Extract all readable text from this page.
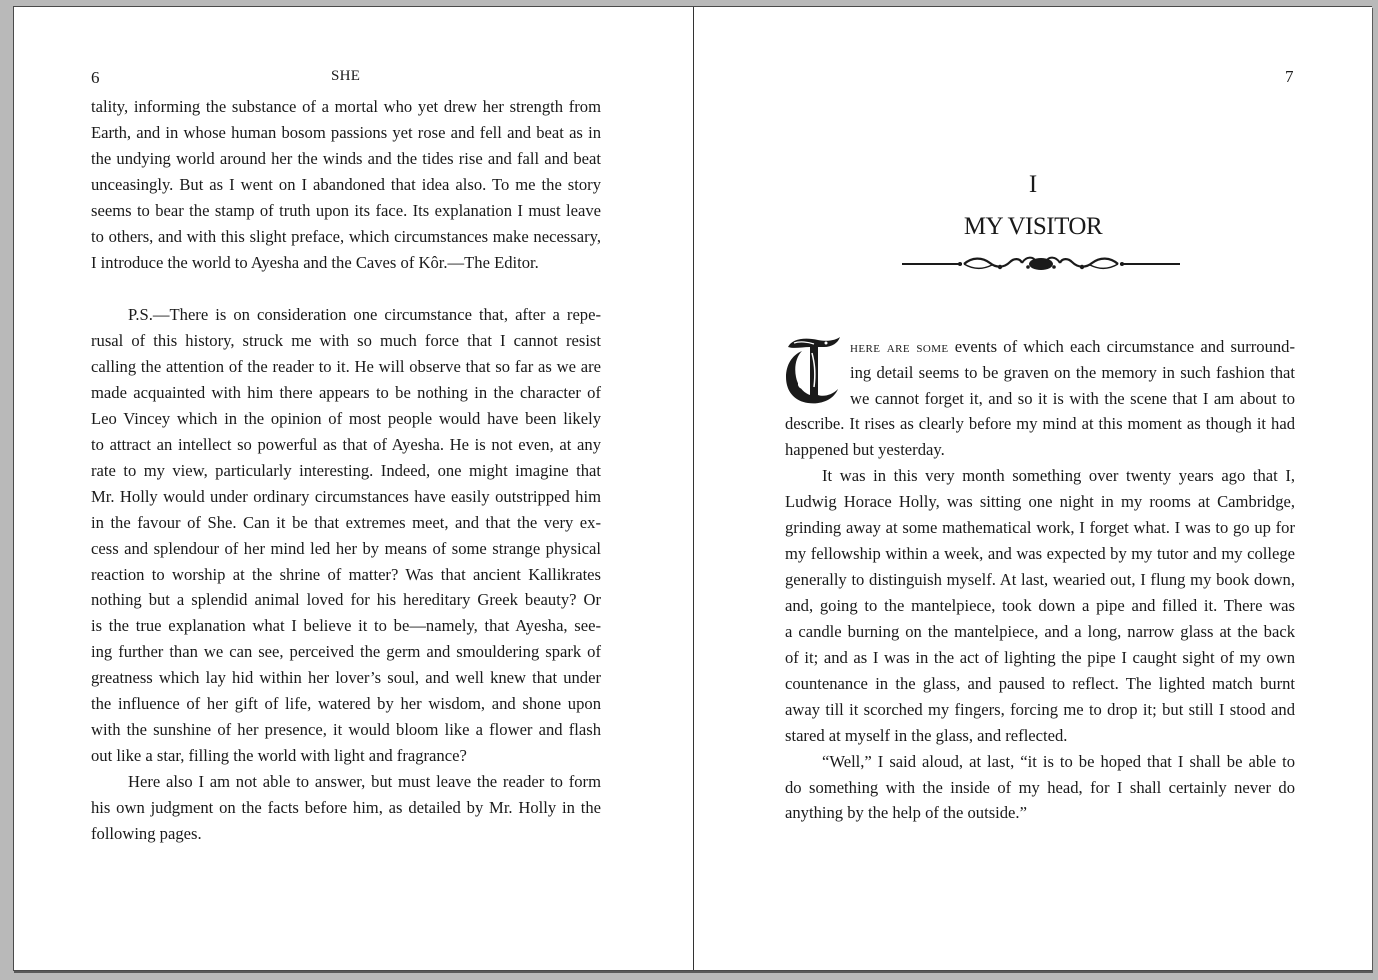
6	SHE
tality, informing the substance of a mortal who yet drew her strength from
Earth, and in whose human bosom passions yet rose and fell and beat as in
the undying world around her the winds and the tides rise and fall and beat
unceasingly. But as I went on I abandoned that idea also. To me the story
seems to bear the stamp of truth upon its face. Its explanation I must leave
to others, and with this slight preface, which circumstances make necessary,
I introduce the world to Ayesha and the Caves of Kôr.—The Editor.
P.S.—There is on consideration one circumstance that, after a repe-
rusal of this history, struck me with so much force that I cannot resist
calling the attention of the reader to it. He will observe that so far as we are
made acquainted with him there appears to be nothing in the character of
Leo Vincey which in the opinion of most people would have been likely
to attract an intellect so powerful as that of Ayesha. He is not even, at any
rate to my view, particularly interesting. Indeed, one might imagine that
Mr. Holly would under ordinary circumstances have easily outstripped him
in the favour of She. Can it be that extremes meet, and that the very ex-
cess and splendour of her mind led her by means of some strange physical
reaction to worship at the shrine of matter? Was that ancient Kallikrates
nothing but a splendid animal loved for his hereditary Greek beauty? Or
is the true explanation what I believe it to be—namely, that Ayesha, see-
ing further than we can see, perceived the germ and smouldering spark of
greatness which lay hid within her lover’s soul, and well knew that under
the influence of her gift of life, watered by her wisdom, and shone upon
with the sunshine of her presence, it would bloom like a flower and flash
out like a star, filling the world with light and fragrance?
Here also I am not able to answer, but must leave the reader to form
his own judgment on the facts before him, as detailed by Mr. Holly in the
following pages.
7
I
MY VISITOR
here are some events of which each circumstance and surround-
ing detail seems to be graven on the memory in such fashion that
we cannot forget it, and so it is with the scene that I am about to
describe. It rises as clearly before my mind at this moment as though it had
happened but yesterday.
It was in this very month something over twenty years ago that I,
Ludwig Horace Holly, was sitting one night in my rooms at Cambridge,
grinding away at some mathematical work, I forget what. I was to go up for
my fellowship within a week, and was expected by my tutor and my college
generally to distinguish myself. At last, wearied out, I flung my book down,
and, going to the mantelpiece, took down a pipe and filled it. There was
a candle burning on the mantelpiece, and a long, narrow glass at the back
of it; and as I was in the act of lighting the pipe I caught sight of my own
countenance in the glass, and paused to reflect. The lighted match burnt
away till it scorched my fingers, forcing me to drop it; but still I stood and
stared at myself in the glass, and reflected.
“Well,” I said aloud, at last, “it is to be hoped that I shall be able to
do something with the inside of my head, for I shall certainly never do
anything by the help of the outside.”
